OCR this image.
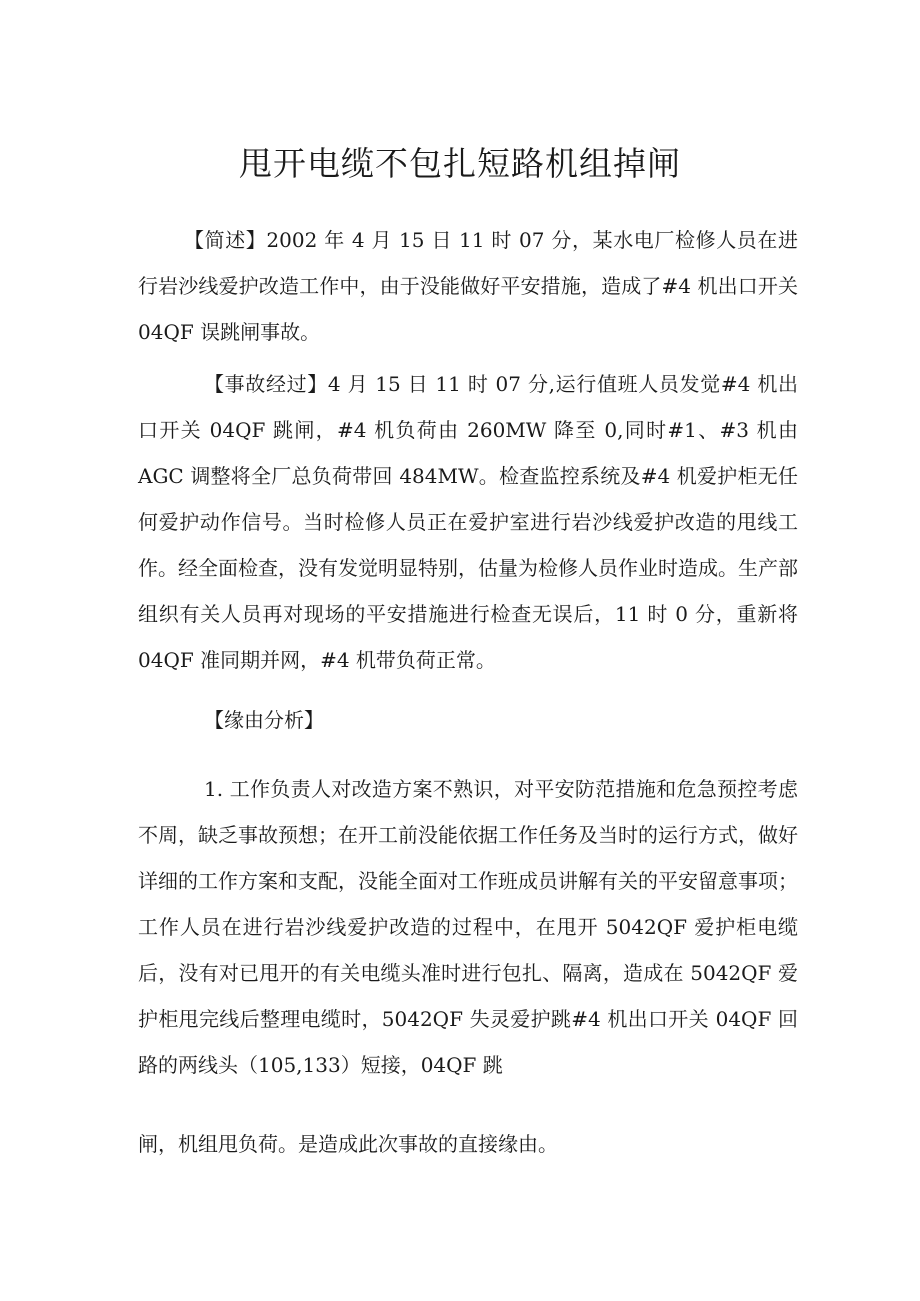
甩开电缆不包扎短路机组掉闸

【简述】2002 年 4 月 15 日 11 时 07 分，某水电厂检修人员在进行岩沙线爱护改造工作中，由于没能做好平安措施，造成了#4 机出口开关 04QF 误跳闸事故。

【事故经过】4 月 15 日 11 时 07 分,运行值班人员发觉#4 机出口开关 04QF 跳闸，#4 机负荷由 260MW 降至 0,同时#1、#3 机由 AGC 调整将全厂总负荷带回 484MW。检查监控系统及#4 机爱护柜无任何爱护动作信号。当时检修人员正在爱护室进行岩沙线爱护改造的甩线工作。经全面检查，没有发觉明显特别，估量为检修人员作业时造成。生产部组织有关人员再对现场的平安措施进行检查无误后，11 时 0 分，重新将 04QF 准同期并网，#4 机带负荷正常。

【缘由分析】

1. 工作负责人对改造方案不熟识，对平安防范措施和危急预控考虑不周，缺乏事故预想；在开工前没能依据工作任务及当时的运行方式，做好详细的工作方案和支配，没能全面对工作班成员讲解有关的平安留意事项；工作人员在进行岩沙线爱护改造的过程中，在甩开 5042QF 爱护柜电缆后，没有对已甩开的有关电缆头准时进行包扎、隔离，造成在 5042QF 爱护柜甩完线后整理电缆时，5042QF 失灵爱护跳#4 机出口开关 04QF 回路的两线头（105,133）短接，04QF 跳

闸，机组甩负荷。是造成此次事故的直接缘由。
